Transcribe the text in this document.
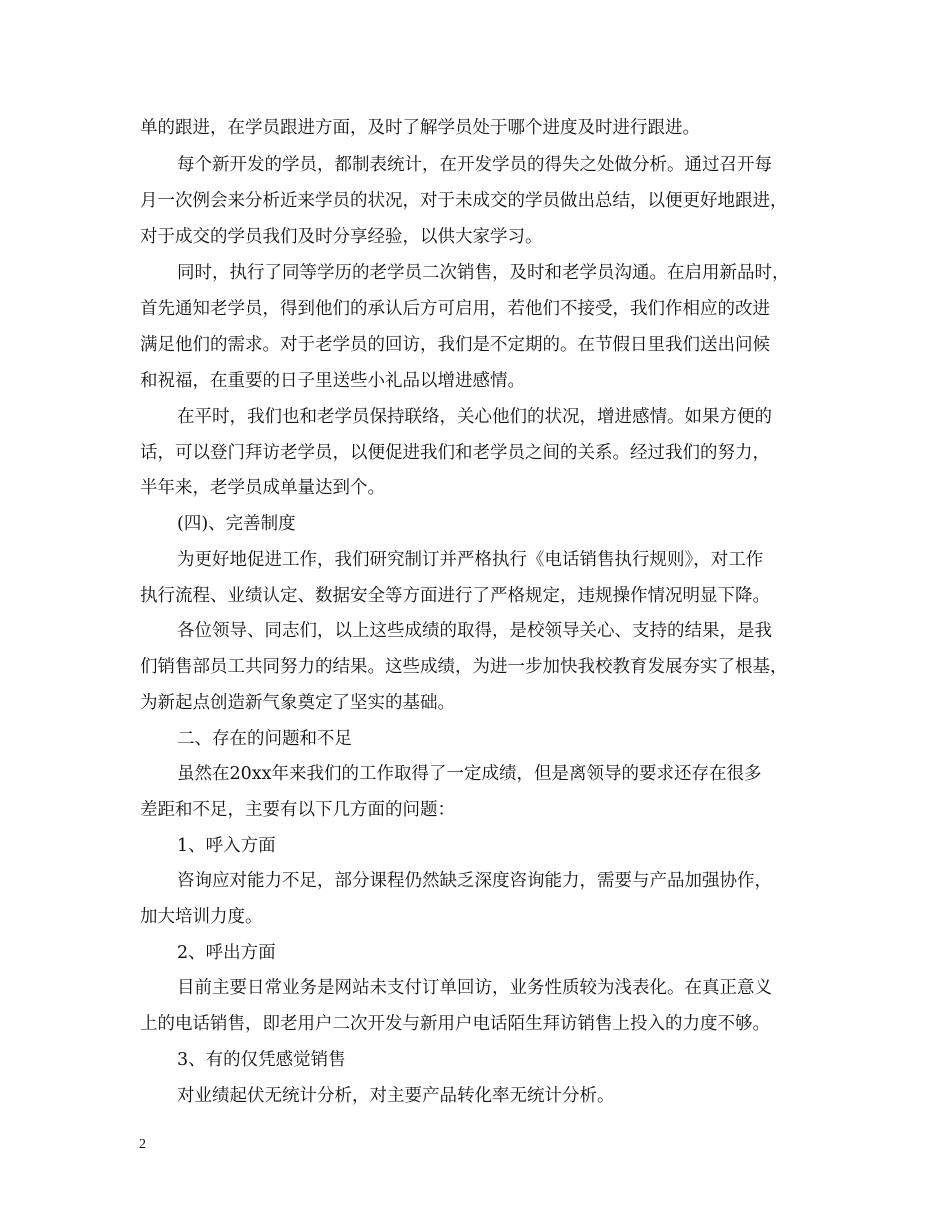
单的跟进，在学员跟进方面，及时了解学员处于哪个进度及时进行跟进。
每个新开发的学员，都制表统计，在开发学员的得失之处做分析。通过召开每
月一次例会来分析近来学员的状况，对于未成交的学员做出总结，以便更好地跟进，
对于成交的学员我们及时分享经验，以供大家学习。
同时，执行了同等学历的老学员二次销售，及时和老学员沟通。在启用新品时，
首先通知老学员，得到他们的承认后方可启用，若他们不接受，我们作相应的改进
满足他们的需求。对于老学员的回访，我们是不定期的。在节假日里我们送出问候
和祝福，在重要的日子里送些小礼品以增进感情。
在平时，我们也和老学员保持联络，关心他们的状况，增进感情。如果方便的
话，可以登门拜访老学员，以便促进我们和老学员之间的关系。经过我们的努力，
半年来，老学员成单量达到个。
(四)、完善制度
为更好地促进工作，我们研究制订并严格执行《电话销售执行规则》，对工作
执行流程、业绩认定、数据安全等方面进行了严格规定，违规操作情况明显下降。
各位领导、同志们，以上这些成绩的取得，是校领导关心、支持的结果，是我
们销售部员工共同努力的结果。这些成绩，为进一步加快我校教育发展夯实了根基，
为新起点创造新气象奠定了坚实的基础。
二、存在的问题和不足
虽然在20xx年来我们的工作取得了一定成绩，但是离领导的要求还存在很多
差距和不足，主要有以下几方面的问题：
1、呼入方面
咨询应对能力不足，部分课程仍然缺乏深度咨询能力，需要与产品加强协作，
加大培训力度。
2、呼出方面
目前主要日常业务是网站未支付订单回访，业务性质较为浅表化。在真正意义
上的电话销售，即老用户二次开发与新用户电话陌生拜访销售上投入的力度不够。
3、有的仅凭感觉销售
对业绩起伏无统计分析，对主要产品转化率无统计分析。
2
